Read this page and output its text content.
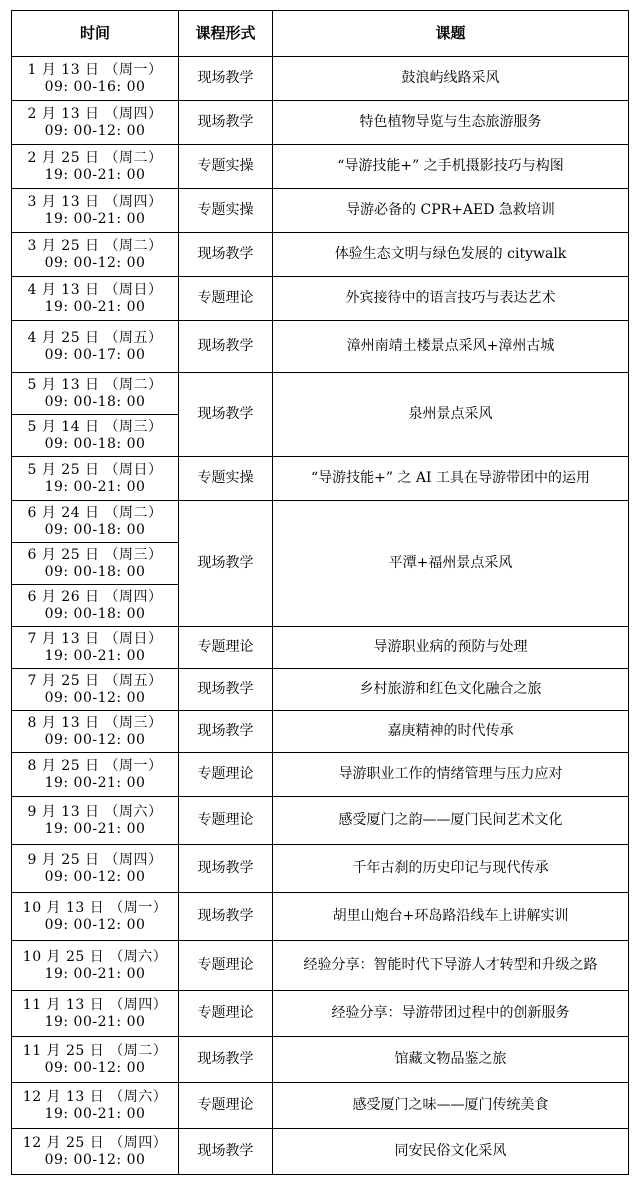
时间	课程形式	课题

1 月 13 日 （周一）
09: 00-16: 00	现场教学	鼓浪屿线路采风

2 月 13 日 （周四）
09: 00-12: 00	现场教学	特色植物导览与生态旅游服务

2 月 25 日 （周二）
19: 00-21: 00	专题实操	“导游技能+” 之手机摄影技巧与构图

3 月 13 日 （周四）
19: 00-21: 00	专题实操	导游必备的 CPR+AED 急救培训

3 月 25 日 （周二）
09: 00-12: 00	现场教学	体验生态文明与绿色发展的 citywalk

4 月 13 日 （周日）
19: 00-21: 00	专题理论	外宾接待中的语言技巧与表达艺术

4 月 25 日 （周五）
09: 00-17: 00	现场教学	漳州南靖土楼景点采风+漳州古城

5 月 13 日 （周二）
09: 00-18: 00	现场教学	泉州景点采风

5 月 14 日 （周三）
09: 00-18: 00		

5 月 25 日 （周日）
19: 00-21: 00	专题实操	“导游技能+” 之 AI 工具在导游带团中的运用

6 月 24 日 （周二）
09: 00-18: 00	现场教学	平潭+福州景点采风

6 月 25 日 （周三）
09: 00-18: 00		

6 月 26 日 （周四）
09: 00-18: 00		

7 月 13 日 （周日）
19: 00-21: 00	专题理论	导游职业病的预防与处理

7 月 25 日 （周五）
09: 00-12: 00	现场教学	乡村旅游和红色文化融合之旅

8 月 13 日 （周三）
09: 00-12: 00	现场教学	嘉庚精神的时代传承

8 月 25 日 （周一）
19: 00-21: 00	专题理论	导游职业工作的情绪管理与压力应对

9 月 13 日 （周六）
19: 00-21: 00	专题理论	感受厦门之韵——厦门民间艺术文化

9 月 25 日 （周四）
09: 00-12: 00	现场教学	千年古刹的历史印记与现代传承

10 月 13 日 （周一）
09: 00-12: 00	现场教学	胡里山炮台+环岛路沿线车上讲解实训

10 月 25 日 （周六）
19: 00-21: 00	专题理论	经验分享：智能时代下导游人才转型和升级之路

11 月 13 日 （周四）
19: 00-21: 00	专题理论	经验分享：导游带团过程中的创新服务

11 月 25 日 （周二）
09: 00-12: 00	现场教学	馆藏文物品鉴之旅

12 月 13 日 （周六）
19: 00-21: 00	专题理论	感受厦门之味——厦门传统美食

12 月 25 日 （周四）
09: 00-12: 00	现场教学	同安民俗文化采风
